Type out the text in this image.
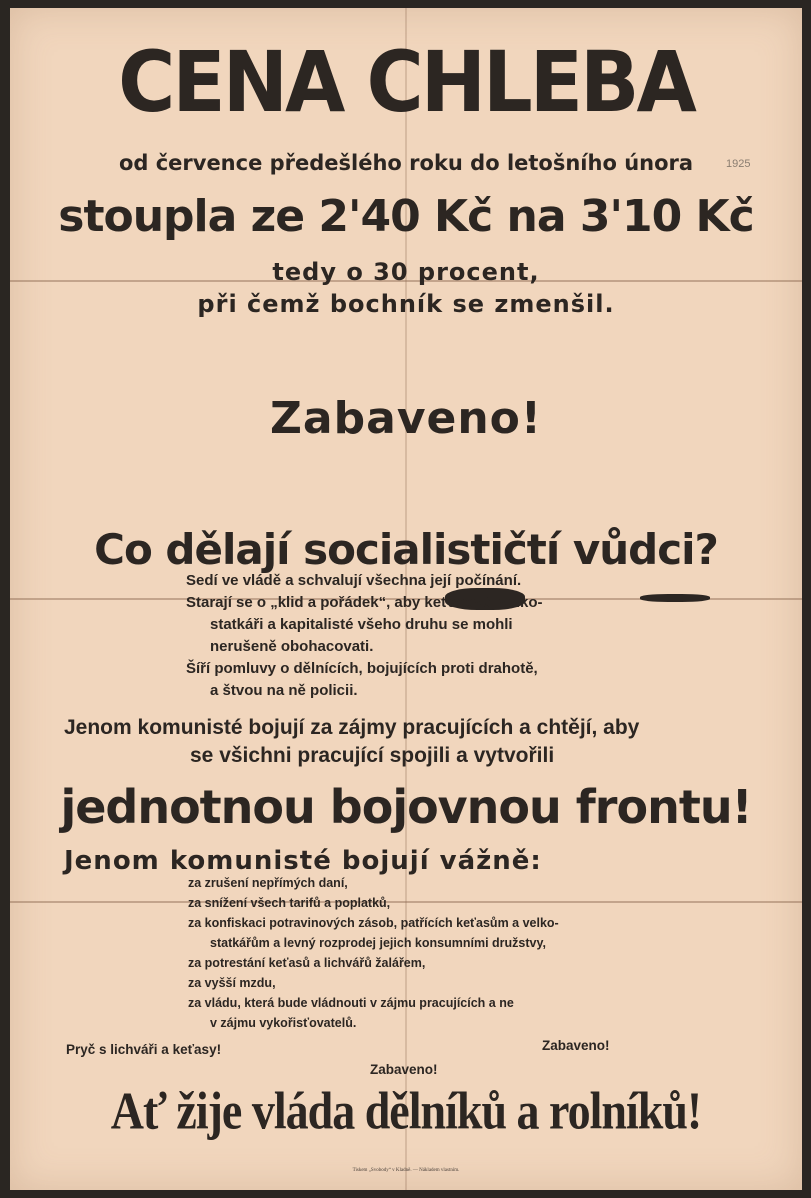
1925
CENA CHLEBA
od července předešlého roku do letošního února
stoupla ze 2'40 Kč na 3'10 Kč
tedy o 30 procent,
při čemž bochník se zmenšil.
Zabaveno!
Co dělají socialističtí vůdci?
Sedí ve vládě a schvalují všechna její počínání.
Starají se o „klid a pořádek“, aby keťasové, velko-
statkáři a kapitalisté všeho druhu se mohli
nerušeně obohacovati.
Šíří pomluvy o dělnících, bojujících proti drahotě,
a štvou na ně policii.
Jenom komunisté bojují za zájmy pracujících a chtějí, aby
se všichni pracující spojili a vytvořili
jednotnou bojovnou frontu!
Jenom komunisté bojují vážně:
za zrušení nepřímých daní,
za snížení všech tarifů a poplatků,
za konfiskaci potravinových zásob, patřících keťasům a velko-
statkářům a levný rozprodej jejich konsumními družstvy,
za potrestání keťasů a lichvářů žalářem,
za vyšší mzdu,
za vládu, která bude vládnouti v zájmu pracujících a ne
v zájmu vykořisťovatelů.
Pryč s lichváři a keťasy!	Zabaveno!
Zabaveno!
Ať žije vláda dělníků a rolníků!
Tiskem „Svobody“ v Kladně. — Nákladem vlastním.
